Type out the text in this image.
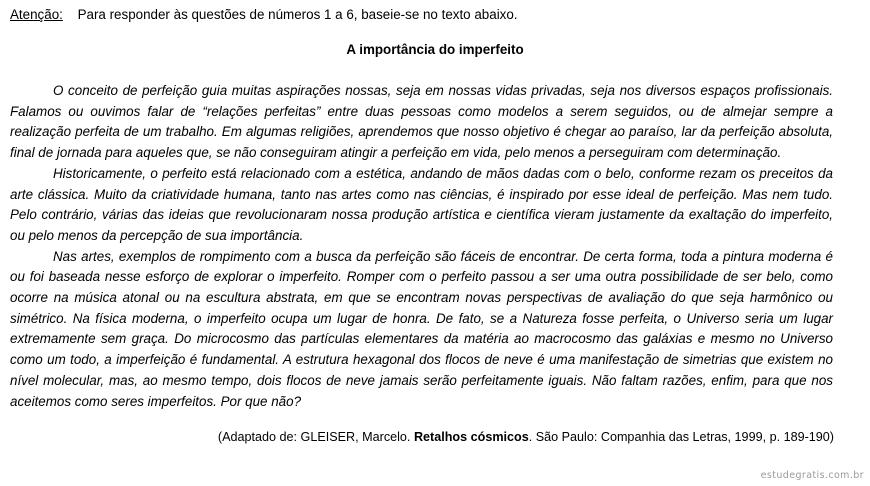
Atenção: Para responder às questões de números 1 a 6, baseie-se no texto abaixo.
A importância do imperfeito

O conceito de perfeição guia muitas aspirações nossas, seja em nossas vidas privadas, seja nos diversos espaços profissionais. Falamos ou ouvimos falar de “relações perfeitas” entre duas pessoas como modelos a serem seguidos, ou de almejar sempre a realização perfeita de um trabalho. Em algumas religiões, aprendemos que nosso objetivo é chegar ao paraíso, lar da perfeição absoluta, final de jornada para aqueles que, se não conseguiram atingir a perfeição em vida, pelo menos a perseguiram com determinação.

Historicamente, o perfeito está relacionado com a estética, andando de mãos dadas com o belo, conforme rezam os preceitos da arte clássica. Muito da criatividade humana, tanto nas artes como nas ciências, é inspirado por esse ideal de perfeição. Mas nem tudo. Pelo contrário, várias das ideias que revolucionaram nossa produção artística e científica vieram justamente da exaltação do imperfeito, ou pelo menos da percepção de sua importância.

Nas artes, exemplos de rompimento com a busca da perfeição são fáceis de encontrar. De certa forma, toda a pintura moderna é ou foi baseada nesse esforço de explorar o imperfeito. Romper com o perfeito passou a ser uma outra possibilidade de ser belo, como ocorre na música atonal ou na escultura abstrata, em que se encontram novas perspectivas de avaliação do que seja harmônico ou simétrico. Na física moderna, o imperfeito ocupa um lugar de honra. De fato, se a Natureza fosse perfeita, o Universo seria um lugar extremamente sem graça. Do microcosmo das partículas elementares da matéria ao macrocosmo das galáxias e mesmo no Universo como um todo, a imperfeição é fundamental. A estrutura hexagonal dos flocos de neve é uma manifestação de simetrias que existem no nível molecular, mas, ao mesmo tempo, dois flocos de neve jamais serão perfeitamente iguais. Não faltam razões, enfim, para que nos aceitemos como seres imperfeitos. Por que não?

(Adaptado de: GLEISER, Marcelo. Retalhos cósmicos. São Paulo: Companhia das Letras, 1999, p. 189-190)
estudegratis.com.br
